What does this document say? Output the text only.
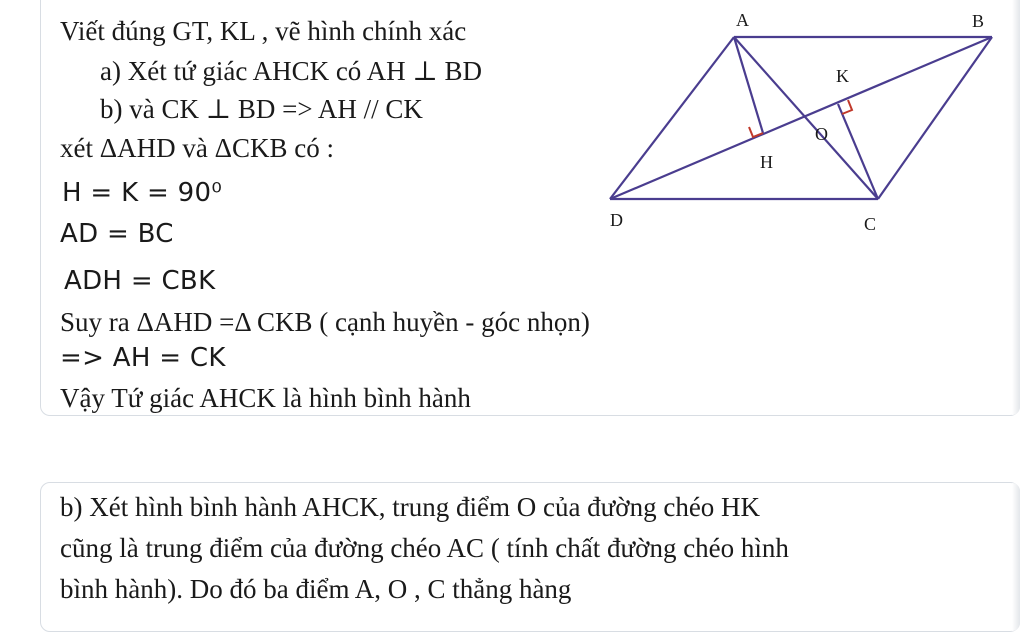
Viết đúng GT, KL , vẽ hình chính xác
a) Xét tứ giác AHCK có AH ⊥ BD
b) và CK ⊥ BD => AH // CK
xét ΔAHD và ΔCKB có :
H = K = 90⁰
AD = BC
ADH = CBK
Suy ra ΔAHD =Δ CKB ( cạnh huyền - góc nhọn)
=> AH = CK
Vậy Tứ giác AHCK là hình bình hành
A	B
C
D
H
K
O
b) Xét hình bình hành AHCK, trung điểm O của đường chéo HK
cũng là trung điểm của đường chéo AC ( tính chất đường chéo hình
bình hành). Do đó ba điểm A, O , C thẳng hàng
